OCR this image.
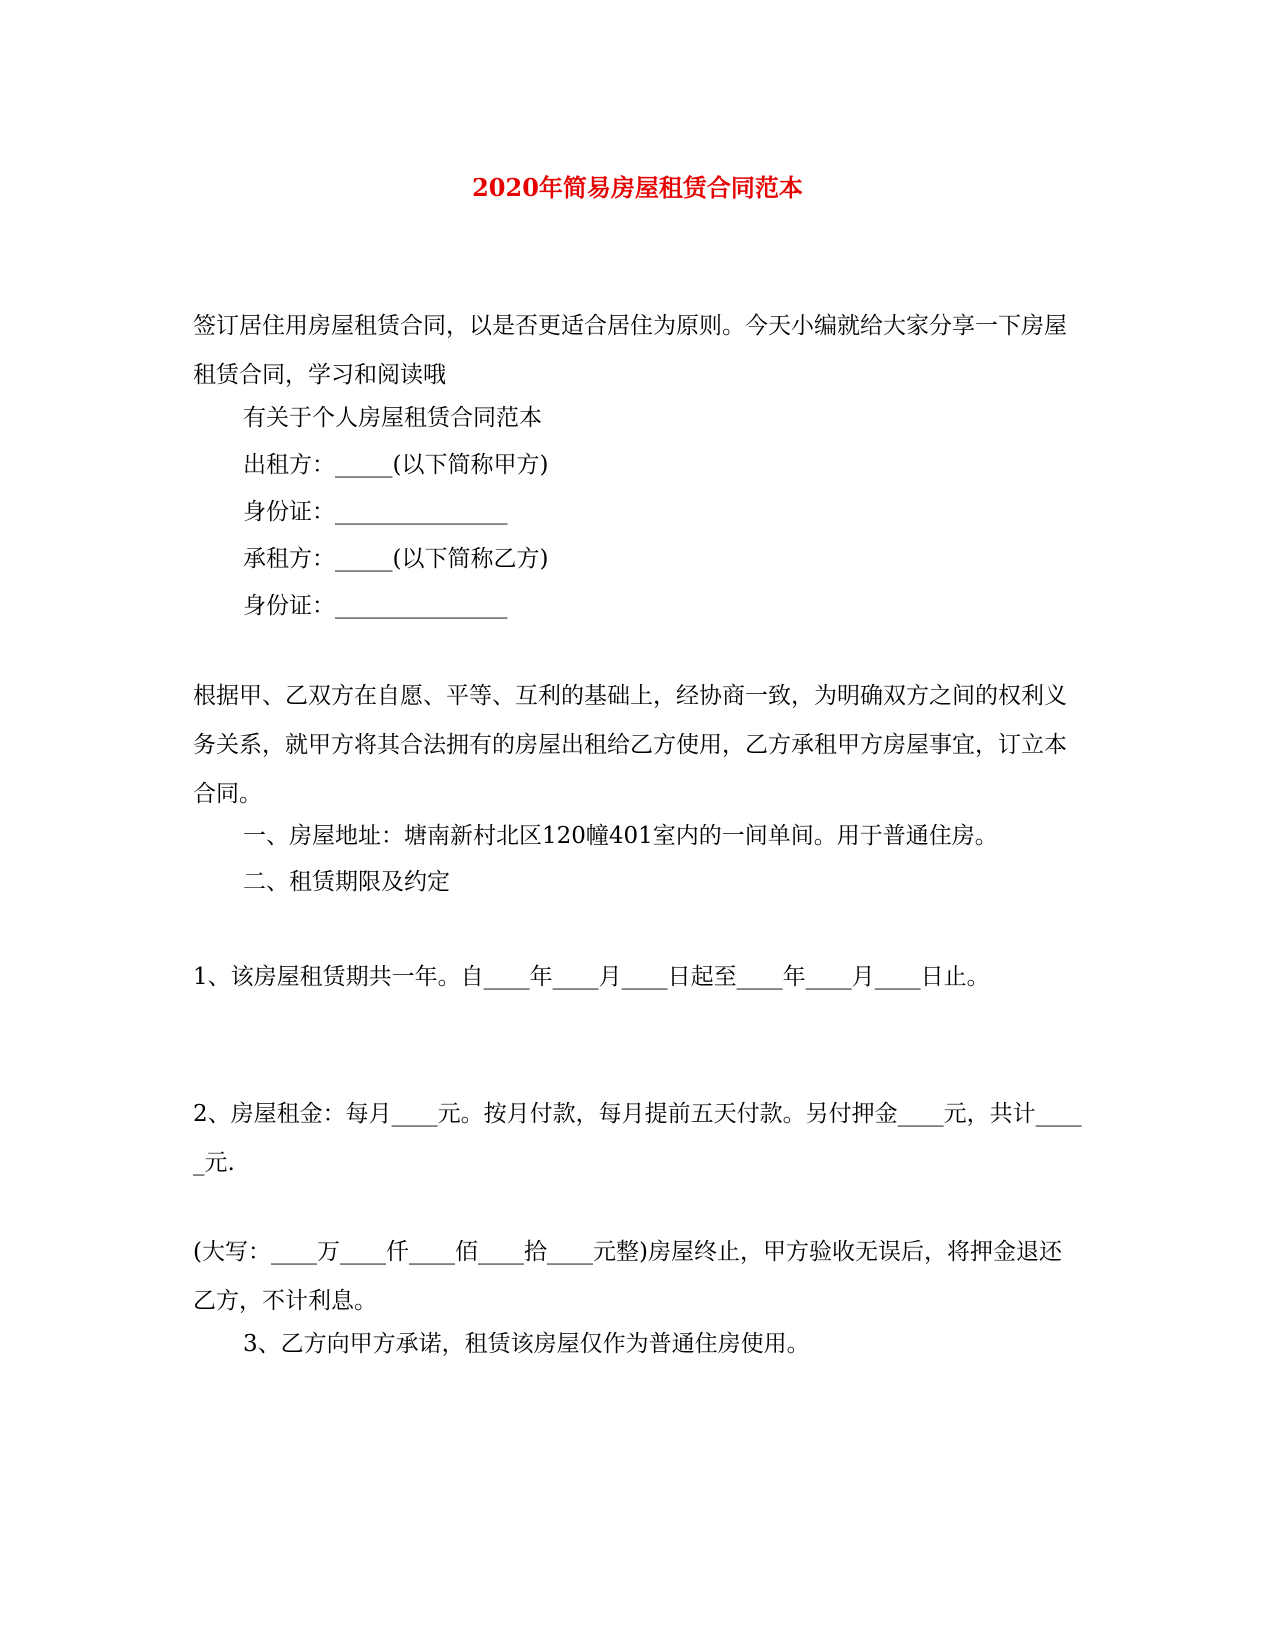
2020年简易房屋租赁合同范本
签订居住用房屋租赁合同，以是否更适合居住为原则。今天小编就给大家分享一下房屋租赁合同，学习和阅读哦
有关于个人房屋租赁合同范本
出租方：_____(以下简称甲方)
身份证：_______________
承租方：_____(以下简称乙方)
身份证：_______________
根据甲、乙双方在自愿、平等、互利的基础上，经协商一致，为明确双方之间的权利义务关系，就甲方将其合法拥有的房屋出租给乙方使用，乙方承租甲方房屋事宜，订立本合同。
一、房屋地址：塘南新村北区120幢401室内的一间单间。用于普通住房。
二、租赁期限及约定
1、该房屋租赁期共一年。自____年____月____日起至____年____月____日止。
2、房屋租金：每月____元。按月付款，每月提前五天付款。另付押金____元，共计_____元.
(大写：____万____仟____佰____拾____元整)房屋终止，甲方验收无误后，将押金退还乙方，不计利息。
3、乙方向甲方承诺，租赁该房屋仅作为普通住房使用。
